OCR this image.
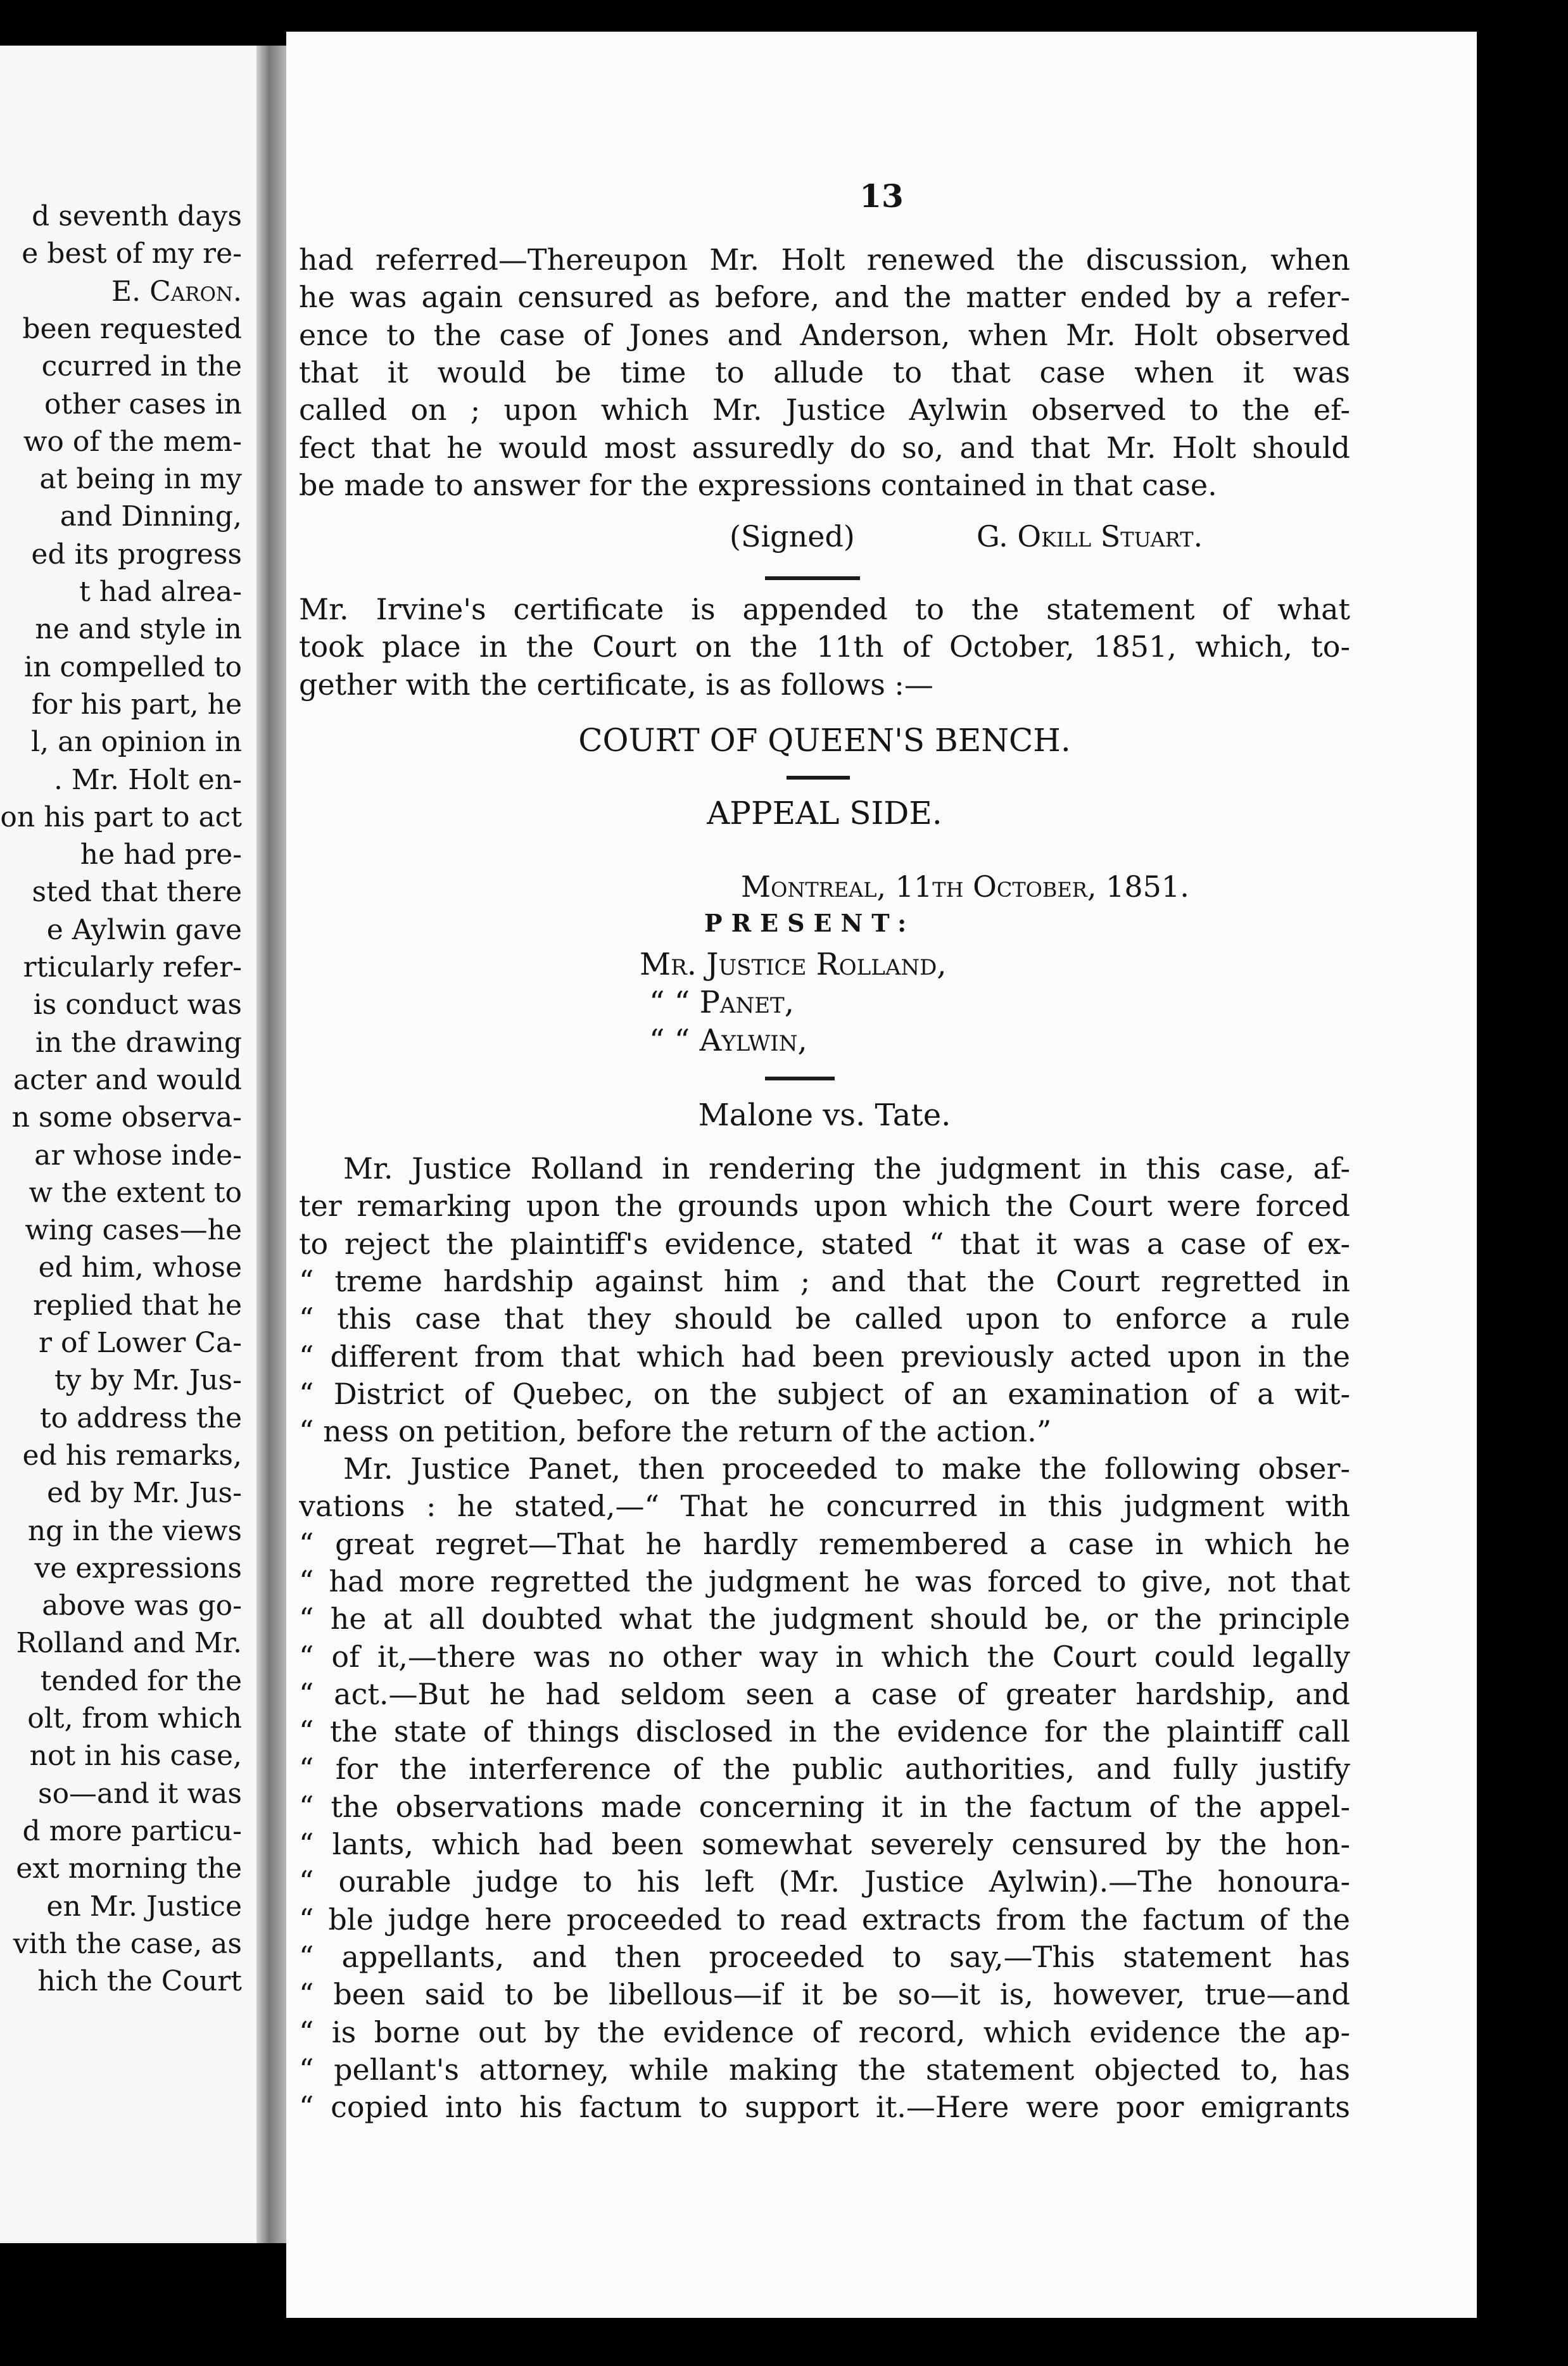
d seventh days
e best of my re-
E. Caron.
been requested
ccurred in the
other cases in
wo of the mem-
at being in my
and Dinning,
ed its progress
t had alrea-
ne and style in
in compelled to
for his part, he
l, an opinion in
. Mr. Holt en-
on his part to act
he had pre-
sted that there
e Aylwin gave
rticularly refer-
is conduct was
in the drawing
acter and would
n some observa-
ar whose inde-
w the extent to
wing cases—he
ed him, whose
replied that he
r of Lower Ca-
ty by Mr. Jus-
to address the
ed his remarks,
ed by Mr. Jus-
ng in the views
ve expressions
above was go-
Rolland and Mr.
tended for the
olt, from which
not in his case,
so—and it was
d more particu-
ext morning the
en Mr. Justice
vith the case, as
hich the Court
13
had referred—Thereupon Mr. Holt renewed the discussion, when
he was again censured as before, and the matter ended by a refer-
ence to the case of Jones and Anderson, when Mr. Holt observed
that it would be time to allude to that case when it was
called on ; upon which Mr. Justice Aylwin observed to the ef-
fect that he would most assuredly do so, and that Mr. Holt should
be made to answer for the expressions contained in that case.
(Signed)	G. Okill Stuart.
Mr. Irvine's certificate is appended to the statement of what
took place in the Court on the 11th of October, 1851, which, to-
gether with the certificate, is as follows :—
COURT OF QUEEN'S BENCH.
APPEAL SIDE.
Montreal, 11th October, 1851.
PRESENT:
Mr. Justice Rolland,
“ “ Panet,
“ “ Aylwin,
Malone vs. Tate.
Mr. Justice Rolland in rendering the judgment in this case, af-
ter remarking upon the grounds upon which the Court were forced
to reject the plaintiff's evidence, stated “ that it was a case of ex-
“ treme hardship against him ; and that the Court regretted in
“ this case that they should be called upon to enforce a rule
“ different from that which had been previously acted upon in the
“ District of Quebec, on the subject of an examination of a wit-
“ ness on petition, before the return of the action.”
Mr. Justice Panet, then proceeded to make the following obser-
vations : he stated,—“ That he concurred in this judgment with
“ great regret—That he hardly remembered a case in which he
“ had more regretted the judgment he was forced to give, not that
“ he at all doubted what the judgment should be, or the principle
“ of it,—there was no other way in which the Court could legally
“ act.—But he had seldom seen a case of greater hardship, and
“ the state of things disclosed in the evidence for the plaintiff call
“ for the interference of the public authorities, and fully justify
“ the observations made concerning it in the factum of the appel-
“ lants, which had been somewhat severely censured by the hon-
“ ourable judge to his left (Mr. Justice Aylwin).—The honoura-
“ ble judge here proceeded to read extracts from the factum of the
“ appellants, and then proceeded to say,—This statement has
“ been said to be libellous—if it be so—it is, however, true—and
“ is borne out by the evidence of record, which evidence the ap-
“ pellant's attorney, while making the statement objected to, has
“ copied into his factum to support it.—Here were poor emigrants
